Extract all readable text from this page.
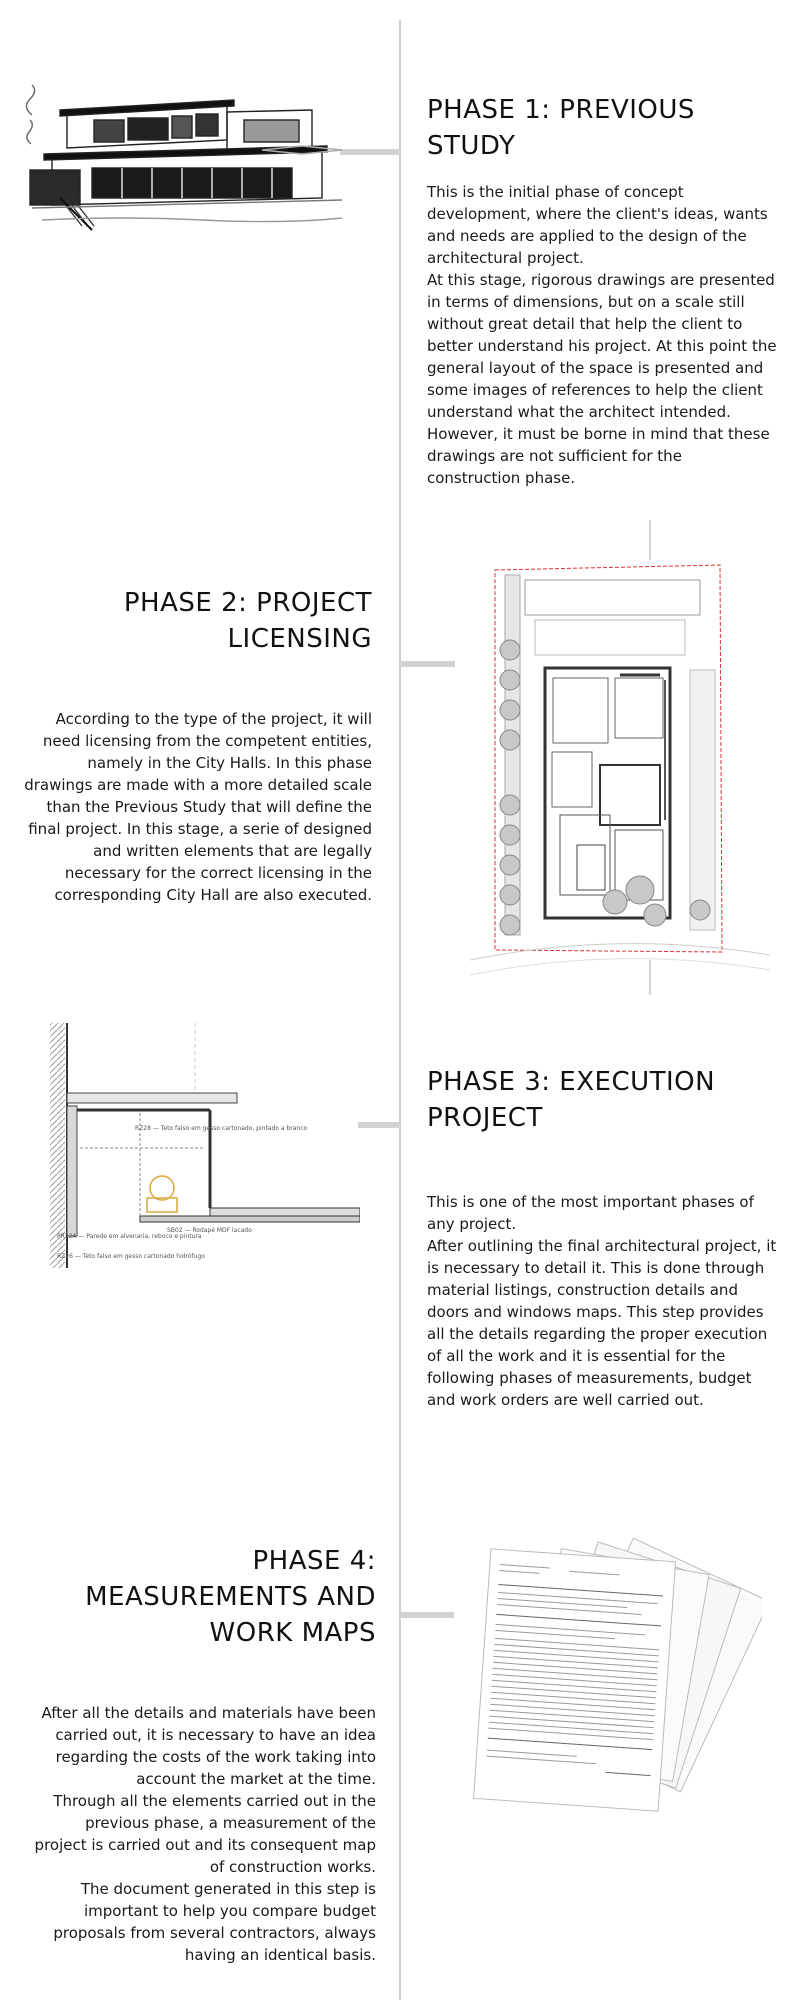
PHASE 1: PREVIOUS STUDY

This is the initial phase of concept development, where the client's ideas, wants and needs are applied to the design of the architectural project.
At this stage, rigorous drawings are presented in terms of dimensions, but on a scale still without great detail that help the client to better understand his project. At this point the general layout of the space is presented and some images of references to help the client understand what the architect intended. However, it must be borne in mind that these drawings are not sufficient for the construction phase.

PHASE 2: PROJECT LICENSING

According to the type of the project, it will need licensing from the competent entities, namely in the City Halls. In this phase drawings are made with a more detailed scale than the Previous Study that will define the final project. In this stage, a serie of designed and written elements that are legally necessary for the correct licensing in the corresponding City Hall are also executed.

RZ28 — Teto falso em gesso cartonado, pintado a branco
PR22A — Parede em alvenaria, reboco e pintura
SB02 — Rodapé MDF lacado
RZ26 — Teto falso em gesso cartonado hidrófugo
PHASE 3: EXECUTION PROJECT

This is one of the most important phases of any project.
After outlining the final architectural project, it is necessary to detail it. This is done through material listings, construction details and doors and windows maps. This step provides all the details regarding the proper execution of all the work and it is essential for the following phases of measurements, budget and work orders are well carried out.

PHASE 4: MEASUREMENTS AND WORK MAPS

After all the details and materials have been carried out, it is necessary to have an idea regarding the costs of the work taking into account the market at the time.
Through all the elements carried out in the previous phase, a measurement of the project is carried out and its consequent map of construction works.
The document generated in this step is important to help you compare budget proposals from several contractors, always having an identical basis.
